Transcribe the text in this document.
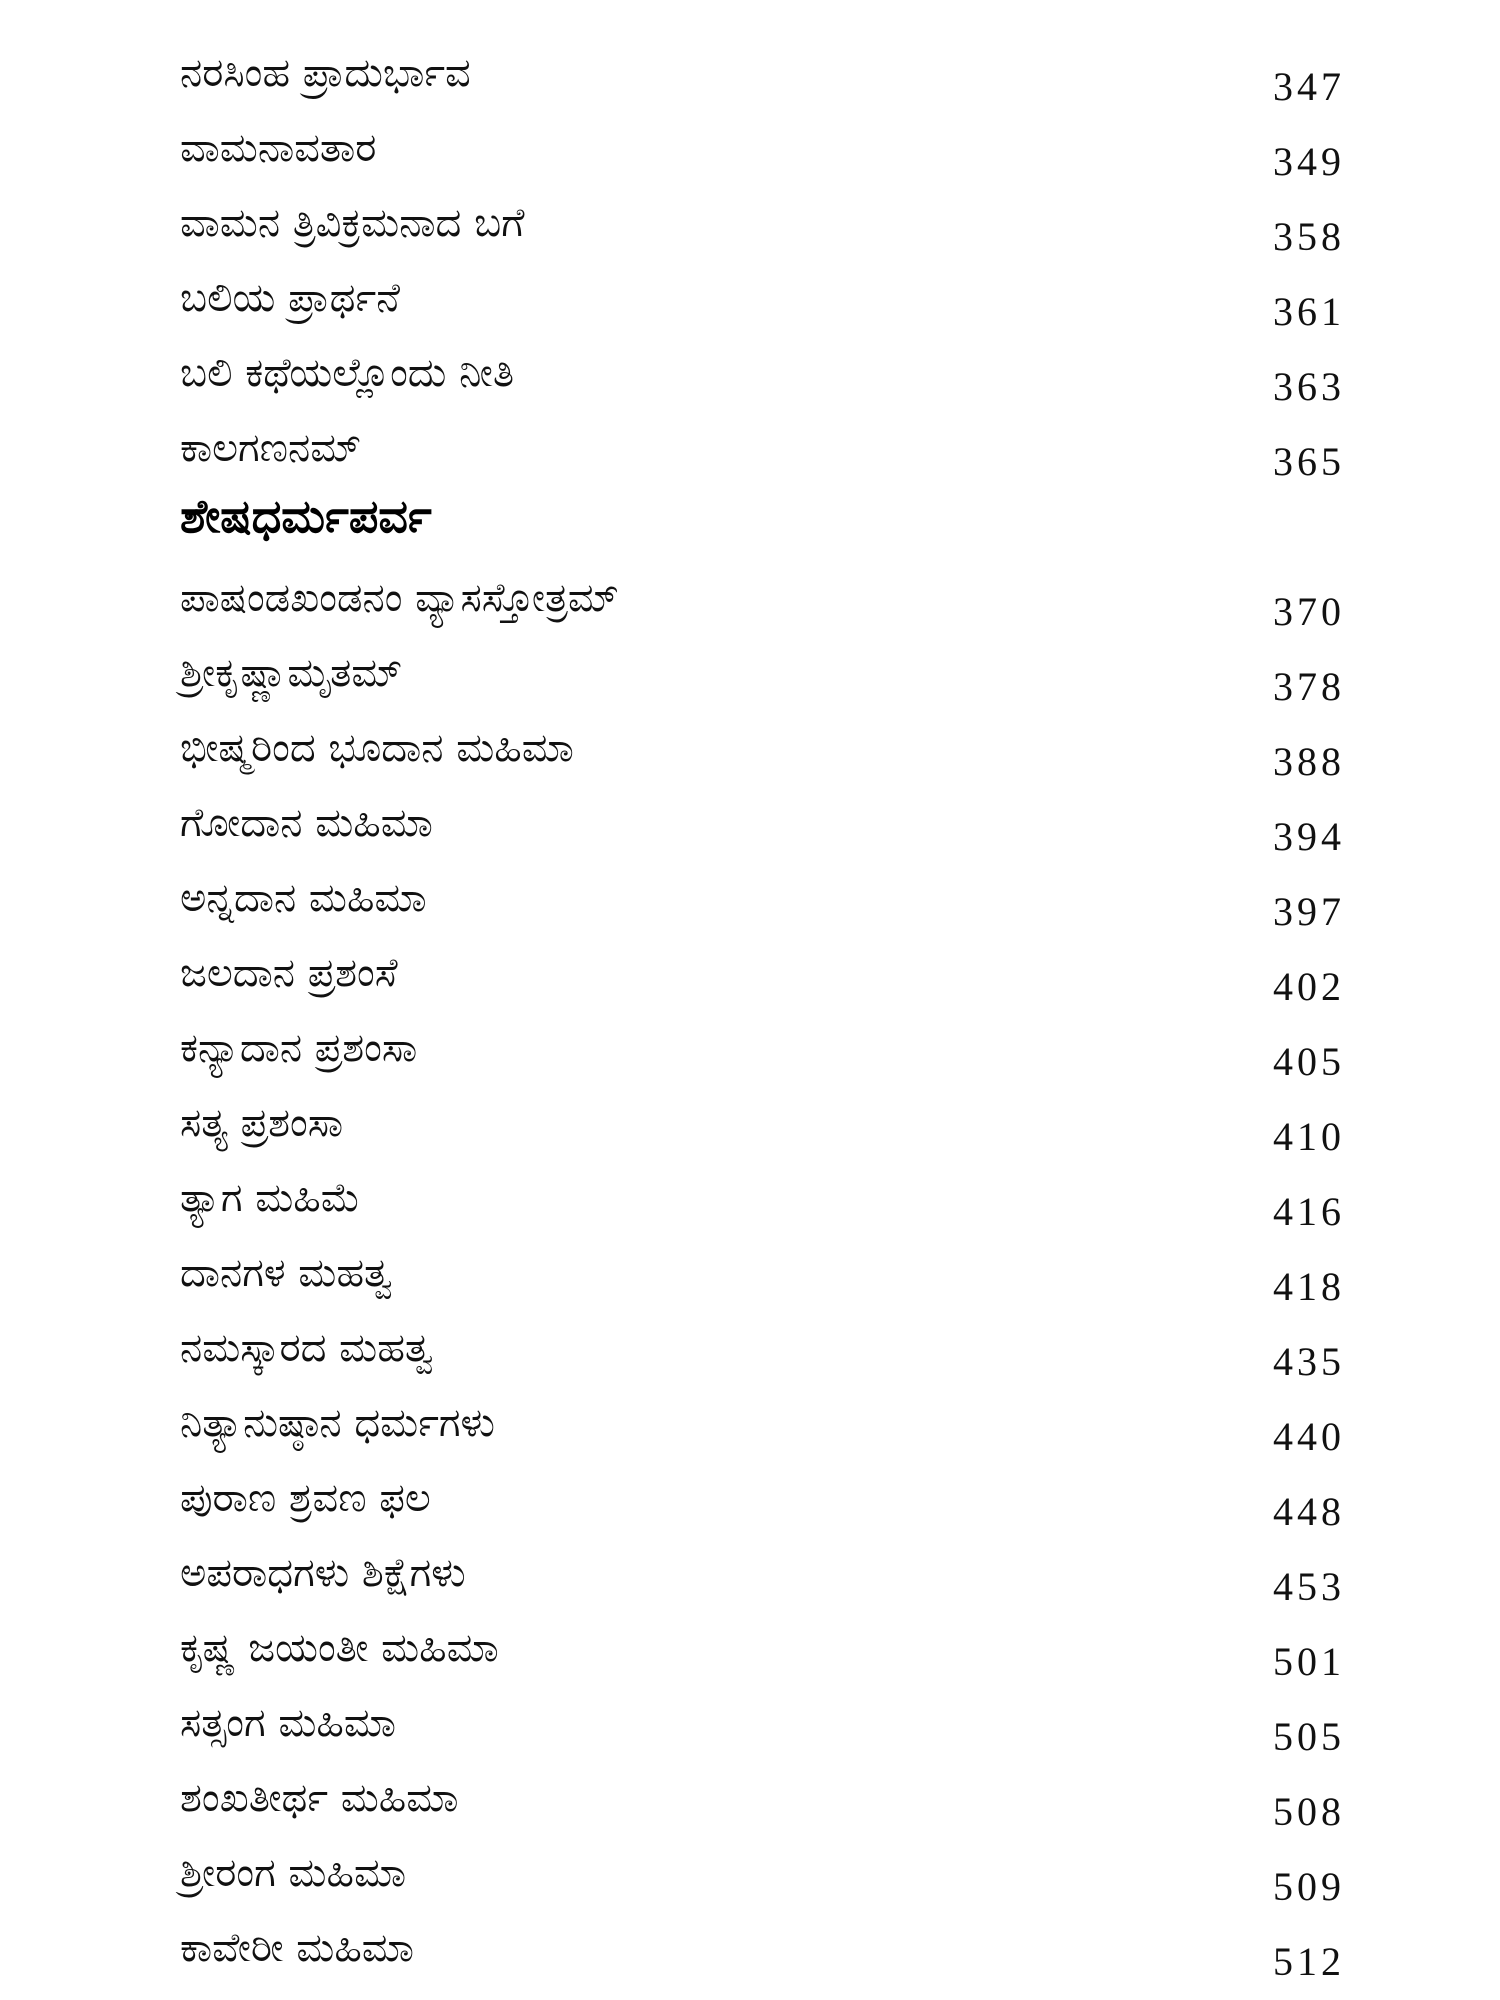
ನರಸಿಂಹ ಪ್ರಾದುರ್ಭಾವ	347
ವಾಮನಾವತಾರ	349
ವಾಮನ ತ್ರಿವಿಕ್ರಮನಾದ ಬಗೆ	358
ಬಲಿಯ ಪ್ರಾರ್ಥನೆ	361
ಬಲಿ ಕಥೆಯಲ್ಲೊಂದು ನೀತಿ	363
ಕಾಲಗಣನಮ್	365
ಶೇಷಧರ್ಮಪರ್ವ
ಪಾಷಂಡಖಂಡನಂ ವ್ಯಾಸಸ್ತೋತ್ರಮ್	370
ಶ್ರೀಕೃಷ್ಣಾಮೃತಮ್	378
ಭೀಷ್ಮರಿಂದ ಭೂದಾನ ಮಹಿಮಾ	388
ಗೋದಾನ ಮಹಿಮಾ	394
ಅನ್ನದಾನ ಮಹಿಮಾ	397
ಜಲದಾನ ಪ್ರಶಂಸೆ	402
ಕನ್ಯಾದಾನ ಪ್ರಶಂಸಾ	405
ಸತ್ಯ ಪ್ರಶಂಸಾ	410
ತ್ಯಾಗ ಮಹಿಮೆ	416
ದಾನಗಳ ಮಹತ್ವ	418
ನಮಸ್ಕಾರದ ಮಹತ್ವ	435
ನಿತ್ಯಾನುಷ್ಠಾನ ಧರ್ಮಗಳು	440
ಪುರಾಣ ಶ್ರವಣ ಫಲ	448
ಅಪರಾಧಗಳು ಶಿಕ್ಷೆಗಳು	453
ಕೃಷ್ಣ ಜಯಂತೀ ಮಹಿಮಾ	501
ಸತ್ಸಂಗ ಮಹಿಮಾ	505
ಶಂಖತೀರ್ಥ ಮಹಿಮಾ	508
ಶ್ರೀರಂಗ ಮಹಿಮಾ	509
ಕಾವೇರೀ ಮಹಿಮಾ	512
